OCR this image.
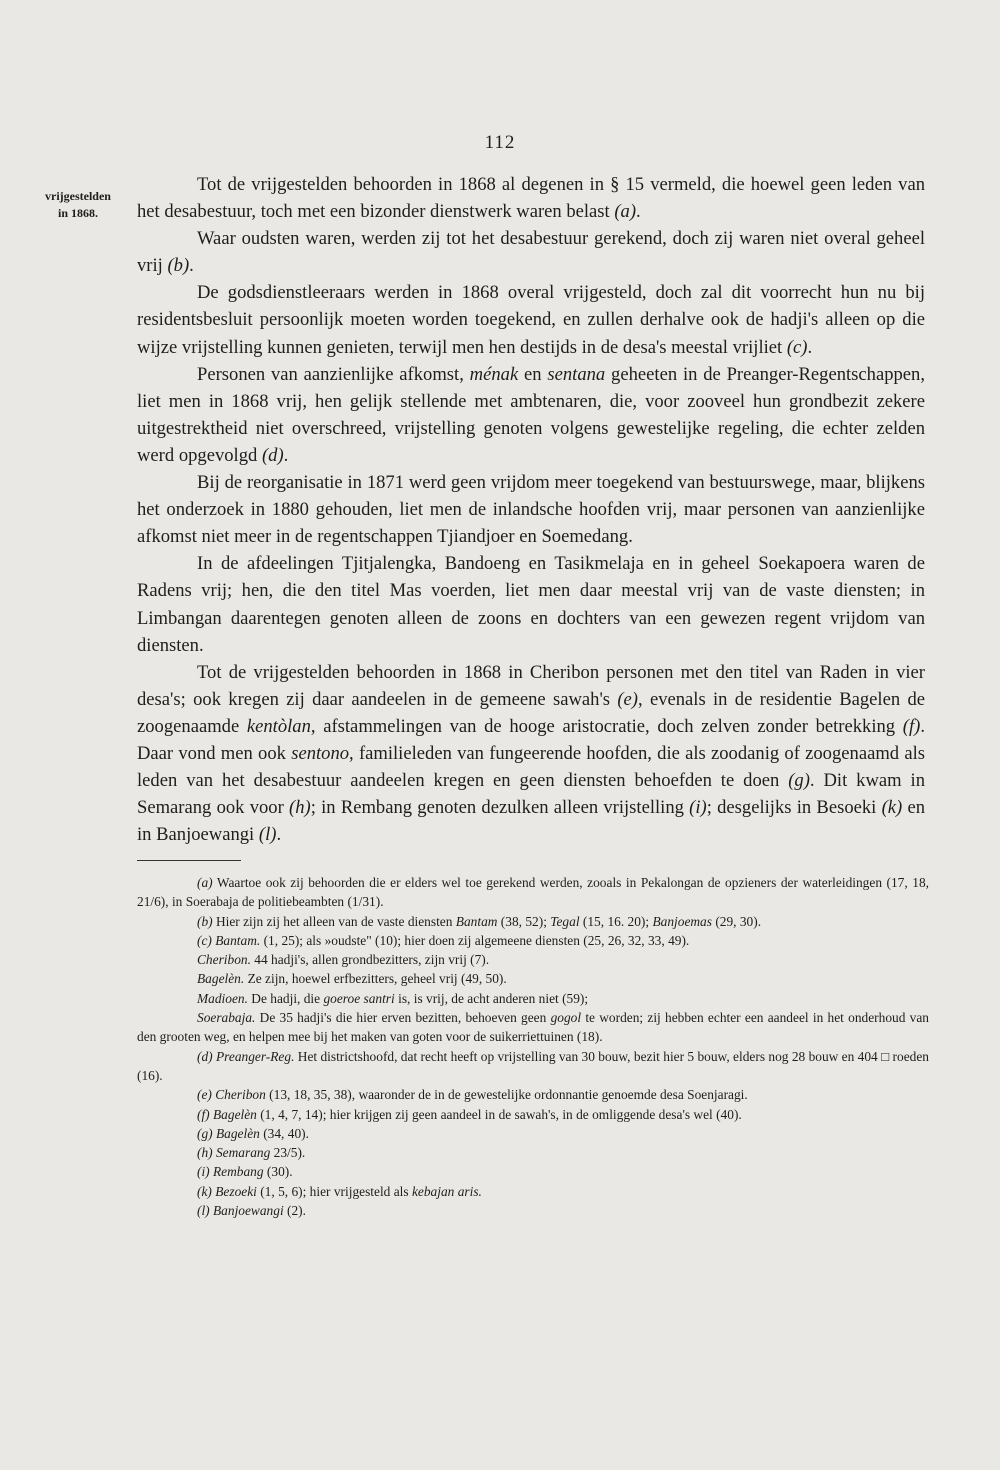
112
vrijgestelden
in 1868.

Tot de vrijgestelden behoorden in 1868 al degenen in § 15 vermeld, die hoewel geen leden van het desabestuur, toch met een bizonder dienstwerk waren belast (a).

Waar oudsten waren, werden zij tot het desabestuur gerekend, doch zij waren niet overal geheel vrij (b).

De godsdienstleeraars werden in 1868 overal vrijgesteld, doch zal dit voorrecht hun nu bij residentsbesluit persoonlijk moeten worden toegekend, en zullen derhalve ook de hadji's alleen op die wijze vrijstelling kunnen genieten, terwijl men hen destijds in de desa's meestal vrijliet (c).

Personen van aanzienlijke afkomst, ménak en sentana geheeten in de Preanger-Regentschappen, liet men in 1868 vrij, hen gelijk stellende met ambtenaren, die, voor zooveel hun grondbezit zekere uitgestrektheid niet overschreed, vrijstelling genoten volgens gewestelijke regeling, die echter zelden werd opgevolgd (d).

Bij de reorganisatie in 1871 werd geen vrijdom meer toegekend van bestuurswege, maar, blijkens het onderzoek in 1880 gehouden, liet men de inlandsche hoofden vrij, maar personen van aanzienlijke afkomst niet meer in de regentschappen Tjiandjoer en Soemedang.

In de afdeelingen Tjitjalengka, Bandoeng en Tasikmelaja en in geheel Soekapoera waren de Radens vrij; hen, die den titel Mas voerden, liet men daar meestal vrij van de vaste diensten; in Limbangan daarentegen genoten alleen de zoons en dochters van een gewezen regent vrijdom van diensten.

Tot de vrijgestelden behoorden in 1868 in Cheribon personen met den titel van Raden in vier desa's; ook kregen zij daar aandeelen in de gemeene sawah's (e), evenals in de residentie Bagelen de zoogenaamde kentòlan, afstammelingen van de hooge aristocratie, doch zelven zonder betrekking (f). Daar vond men ook sentono, familieleden van fungeerende hoofden, die als zoodanig of zoogenaamd als leden van het desabestuur aandeelen kregen en geen diensten behoefden te doen (g). Dit kwam in Semarang ook voor (h); in Rembang genoten dezulken alleen vrijstelling (i); desgelijks in Besoeki (k) en in Banjoewangi (l).

(a) Waartoe ook zij behoorden die er elders wel toe gerekend werden, zooals in Pekalongan de opzieners der waterleidingen (17, 18, 21/6), in Soerabaja de politiebeambten (1/31).

(b) Hier zijn zij het alleen van de vaste diensten Bantam (38, 52); Tegal (15, 16. 20); Banjoemas (29, 30).

(c) Bantam. (1, 25); als »oudste" (10); hier doen zij algemeene diensten (25, 26, 32, 33, 49).

Cheribon. 44 hadji's, allen grondbezitters, zijn vrij (7).

Bagelèn. Ze zijn, hoewel erfbezitters, geheel vrij (49, 50).

Madioen. De hadji, die goeroe santri is, is vrij, de acht anderen niet (59);

Soerabaja. De 35 hadji's die hier erven bezitten, behoeven geen gogol te worden; zij hebben echter een aandeel in het onderhoud van den grooten weg, en helpen mee bij het maken van goten voor de suikerriettuinen (18).

(d) Preanger-Reg. Het districtshoofd, dat recht heeft op vrijstelling van 30 bouw, bezit hier 5 bouw, elders nog 28 bouw en 404 □ roeden (16).

(e) Cheribon (13, 18, 35, 38), waaronder de in de gewestelijke ordonnantie genoemde desa Soenjaragi.

(f) Bagelèn (1, 4, 7, 14); hier krijgen zij geen aandeel in de sawah's, in de omliggende desa's wel (40).

(g) Bagelèn (34, 40).

(h) Semarang 23/5).

(i) Rembang (30).

(k) Bezoeki (1, 5, 6); hier vrijgesteld als kebajan aris.

(l) Banjoewangi (2).
